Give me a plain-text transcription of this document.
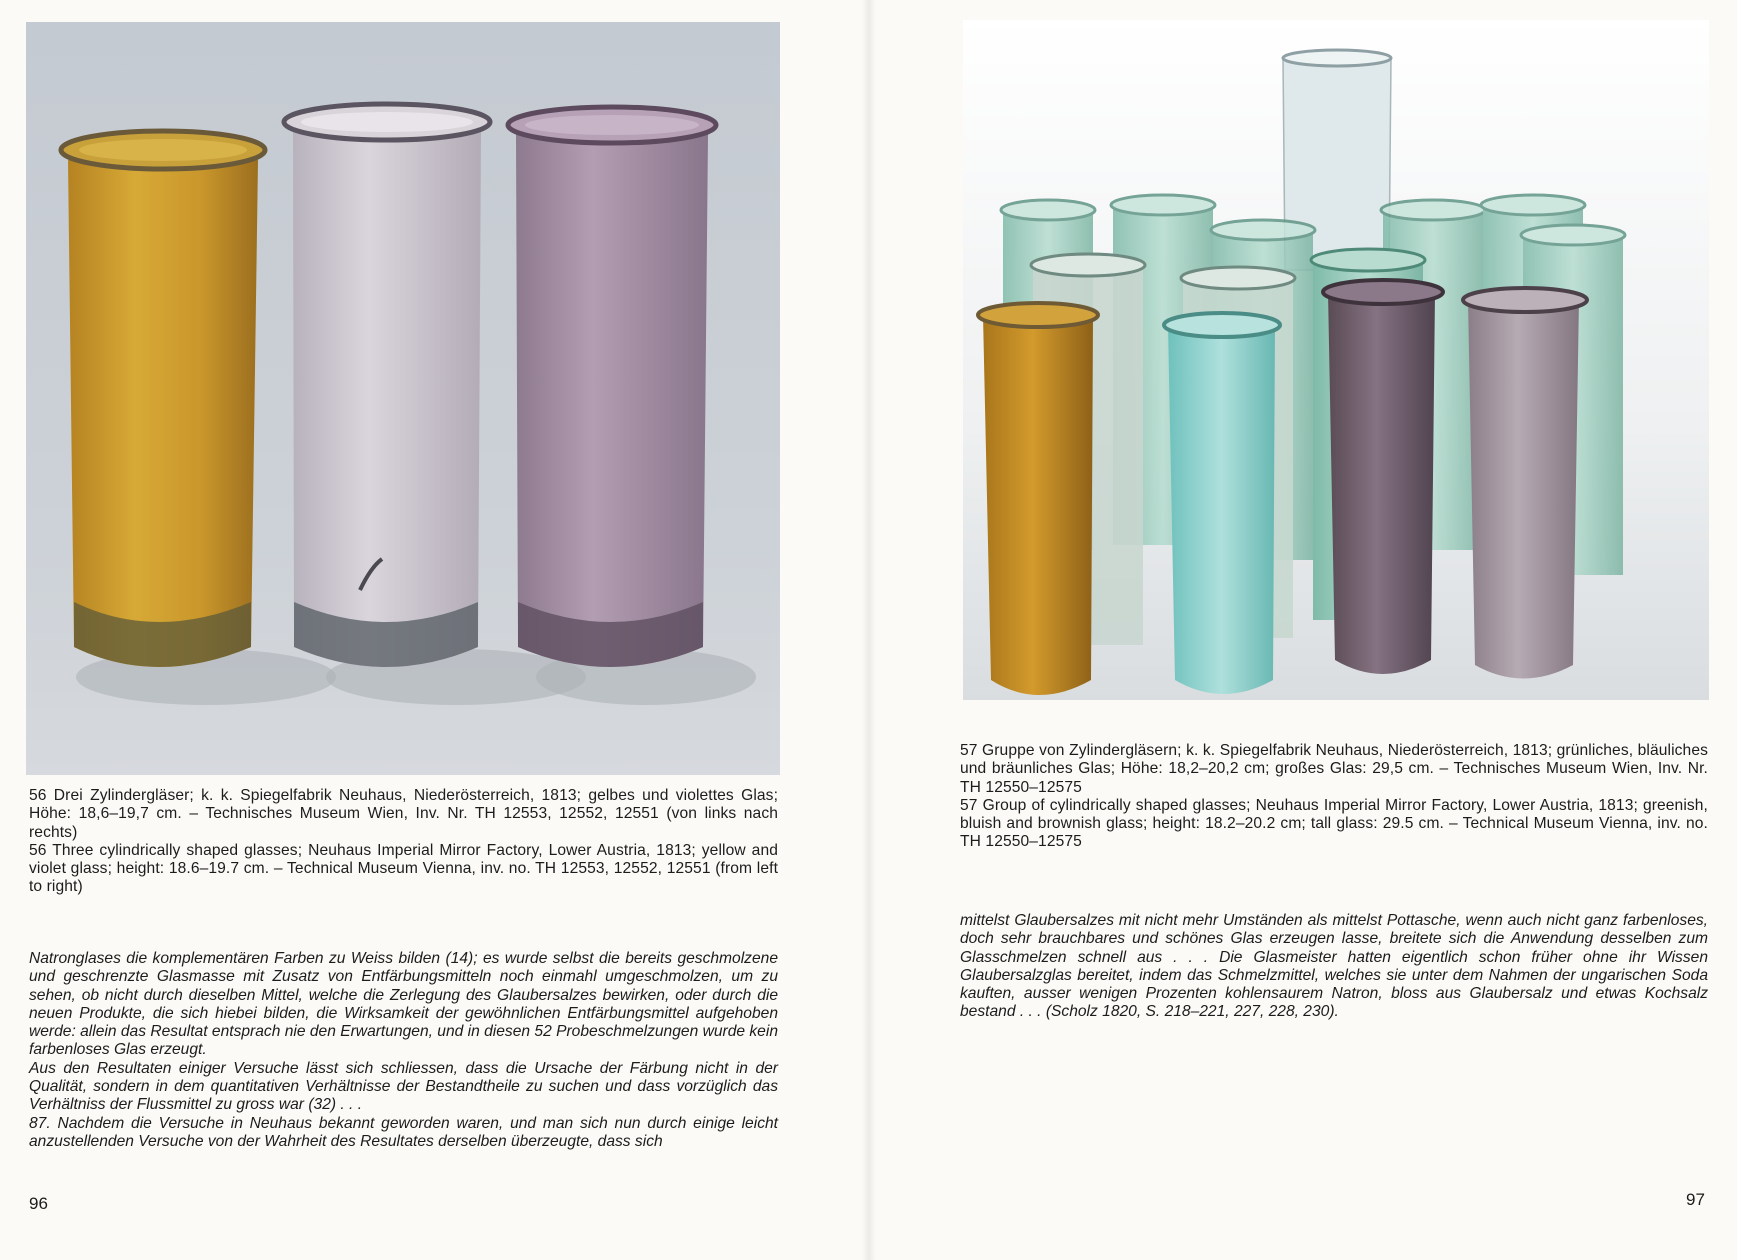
56 Drei Zylindergläser; k. k. Spiegelfabrik Neuhaus, Niederösterreich, 1813; gelbes und violettes Glas; Höhe: 18,6–19,7 cm. – Technisches Museum Wien, Inv. Nr. TH 12553, 12552, 12551 (von links nach rechts)

56 Three cylindrically shaped glasses; Neuhaus Imperial Mirror Factory, Lower Austria, 1813; yellow and violet glass; height: 18.6–19.7 cm. – Technical Museum Vienna, inv. no. TH 12553, 12552, 12551 (from left to right)

Natronglases die komplementären Farben zu Weiss bilden (14); es wurde selbst die bereits geschmolzene und geschrenzte Glasmasse mit Zusatz von Entfärbungsmitteln noch einmahl umgeschmolzen, um zu sehen, ob nicht durch dieselben Mittel, welche die Zerlegung des Glaubersalzes bewirken, oder durch die neuen Produkte, die sich hiebei bilden, die Wirksamkeit der gewöhnlichen Entfärbungsmittel aufgehoben werde: allein das Resultat entsprach nie den Erwartungen, und in diesen 52 Probeschmelzungen wurde kein farbenloses Glas erzeugt.

Aus den Resultaten einiger Versuche lässt sich schliessen, dass die Ursache der Färbung nicht in der Qualität, sondern in dem quantitativen Verhältnisse der Bestandtheile zu suchen und dass vorzüglich das Verhältniss der Flussmittel zu gross war (32) . . .

87. Nachdem die Versuche in Neuhaus bekannt geworden waren, und man sich nun durch einige leicht anzustellenden Versuche von der Wahrheit des Resultates derselben überzeugte, dass sich

96

57 Gruppe von Zylindergläsern; k. k. Spiegelfabrik Neuhaus, Niederösterreich, 1813; grünliches, bläuliches und bräunliches Glas; Höhe: 18,2–20,2 cm; großes Glas: 29,5 cm. – Technisches Museum Wien, Inv. Nr. TH 12550–12575

57 Group of cylindrically shaped glasses; Neuhaus Imperial Mirror Factory, Lower Austria, 1813; greenish, bluish and brownish glass; height: 18.2–20.2 cm; tall glass: 29.5 cm. – Technical Museum Vienna, inv. no. TH 12550–12575

mittelst Glaubersalzes mit nicht mehr Umständen als mittelst Pottasche, wenn auch nicht ganz farbenloses, doch sehr brauchbares und schönes Glas erzeugen lasse, breitete sich die Anwendung desselben zum Glasschmelzen schnell aus . . . Die Glasmeister hatten eigentlich schon früher ohne ihr Wissen Glaubersalzglas bereitet, indem das Schmelzmittel, welches sie unter dem Nahmen der ungarischen Soda kauften, ausser wenigen Prozenten kohlensaurem Natron, bloss aus Glaubersalz und etwas Kochsalz bestand . . . (Scholz 1820, S. 218–221, 227, 228, 230).

97
